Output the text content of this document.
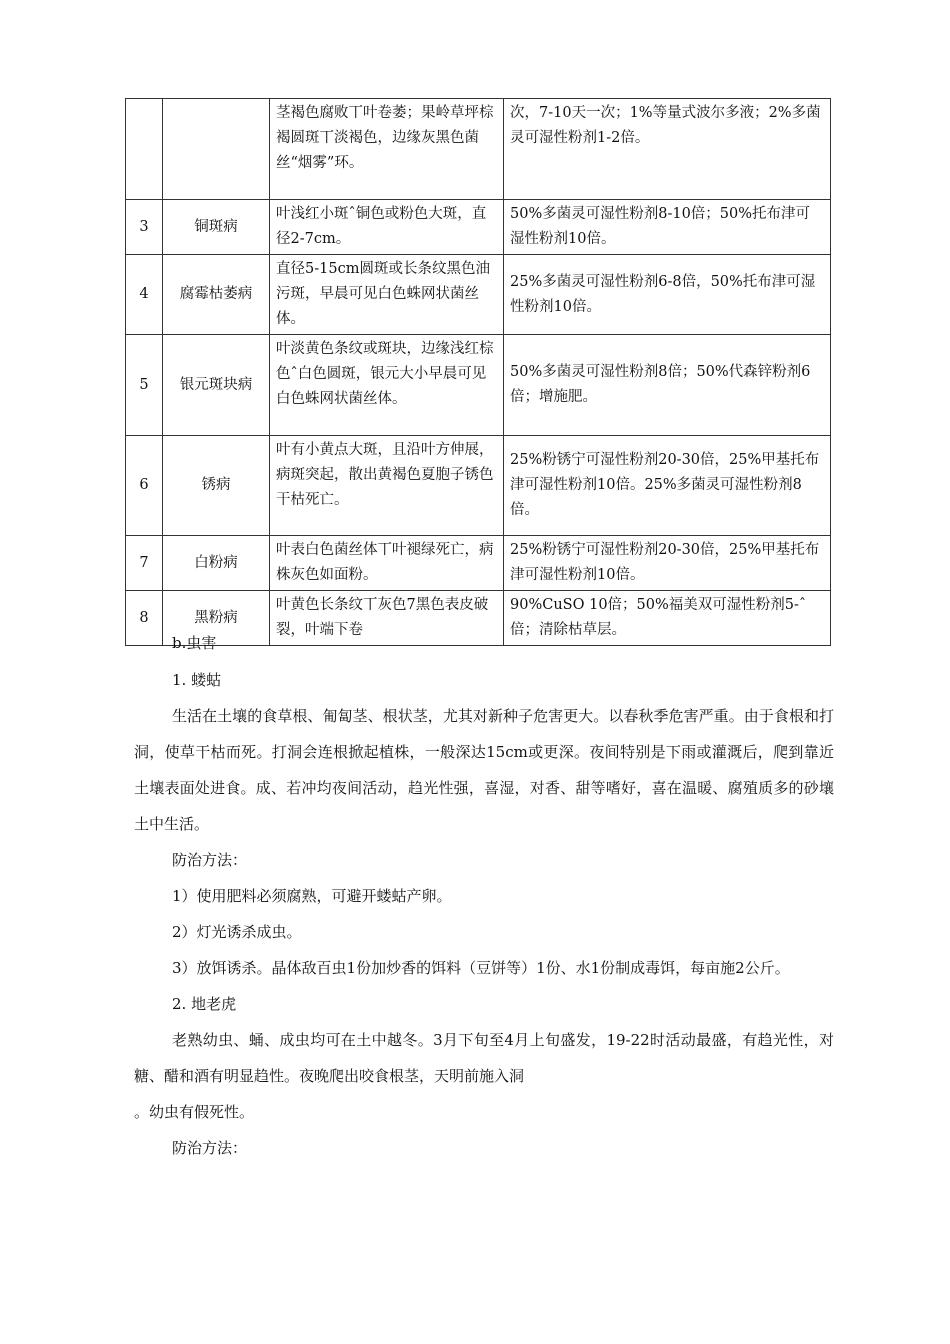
		茎褐色腐败丅叶卷萎；果岭草坪棕褐圆斑丅淡褐色，边缘灰黑色菌丝“烟雾”环。	次，7-10天一次；1%等量式波尔多液；2%多菌灵可湿性粉剂1-2倍。
3	铜斑病	叶浅红小斑ˆ铜色或粉色大斑，直径2-7cm。	50%多菌灵可湿性粉剂8-10倍；50%托布津可湿性粉剂10倍。
4	腐霉枯萎病	直径5-15cm圆斑或长条纹黑色油污斑，早晨可见白色蛛网状菌丝体。	25%多菌灵可湿性粉剂6-8倍，50%托布津可湿性粉剂10倍。
5	银元斑块病	叶淡黄色条纹或斑块，边缘浅红棕色ˆ白色圆斑，银元大小早晨可见白色蛛网状菌丝体。	50%多菌灵可湿性粉剂8倍；50%代森锌粉剂6倍；增施肥。
6	锈病	叶有小黄点大斑，且沿叶方伸展，病斑突起，散出黄褐色夏胞子锈色干枯死亡。	25%粉锈宁可湿性粉剂20-30倍，25%甲基托布津可湿性粉剂10倍。25%多菌灵可湿性粉剂8倍。
7	白粉病	叶表白色菌丝体丅叶褪绿死亡，病株灰色如面粉。	25%粉锈宁可湿性粉剂20-30倍，25%甲基托布津可湿性粉剂10倍。
8	黑粉病	叶黄色长条纹丅灰色7黑色表皮破裂，叶端下卷	90%CuSO 10倍；50%福美双可湿性粉剂5-ˆ倍；清除枯草层。

b.虫害

1. 蝼蛄

生活在土壤的食草根、匍匐茎、根状茎，尤其对新种子危害更大。以春秋季危害严重。由于食根和打洞，使草干枯而死。打洞会连根掀起植株，一般深达15cm或更深。夜间特别是下雨或灌溉后，爬到靠近土壤表面处进食。成、若冲均夜间活动，趋光性强，喜湿，对香、甜等嗜好，喜在温暖、腐殖质多的砂壤土中生活。

防治方法：

1）使用肥料必须腐熟，可避开蝼蛄产卵。

2）灯光诱杀成虫。

3）放饵诱杀。晶体敌百虫1份加炒香的饵料（豆饼等）1份、水1份制成毒饵，每亩施2公斤。

2. 地老虎

老熟幼虫、蛹、成虫均可在土中越冬。3月下旬至4月上旬盛发，19-22时活动最盛，有趋光性，对糖、醋和酒有明显趋性。夜晚爬出咬食根茎，天明前施入洞

。幼虫有假死性。

防治方法：
